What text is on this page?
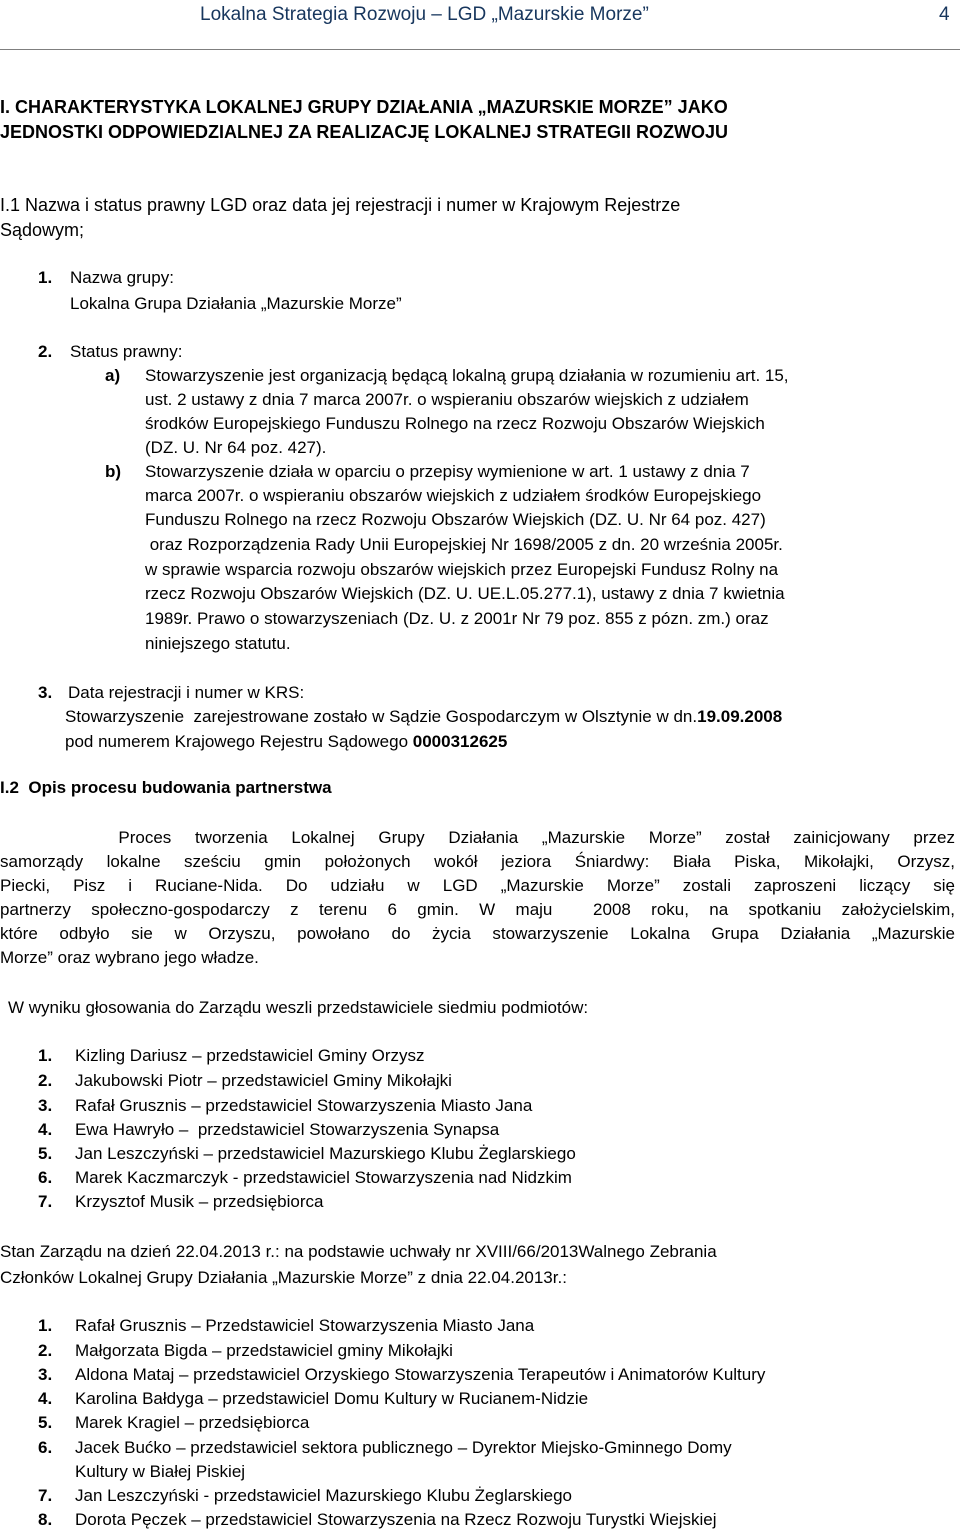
Lokalna Strategia Rozwoju – LGD „Mazurskie Morze”	4
I. CHARAKTERYSTYKA LOKALNEJ GRUPY DZIAŁANIA „MAZURSKIE MORZE” JAKO
JEDNOSTKI ODPOWIEDZIALNEJ ZA REALIZACJĘ LOKALNEJ STRATEGII ROZWOJU
I.1 Nazwa i status prawny LGD oraz data jej rejestracji i numer w Krajowym Rejestrze
Sądowym;
1. Nazwa grupy:
Lokalna Grupa Działania „Mazurskie Morze”
2. Status prawny:
a) Stowarzyszenie jest organizacją będącą lokalną grupą działania w rozumieniu art. 15,
ust. 2 ustawy z dnia 7 marca 2007r. o wspieraniu obszarów wiejskich z udziałem
środków Europejskiego Funduszu Rolnego na rzecz Rozwoju Obszarów Wiejskich
(DZ. U. Nr 64 poz. 427).
b) Stowarzyszenie działa w oparciu o przepisy wymienione w art. 1 ustawy z dnia 7
marca 2007r. o wspieraniu obszarów wiejskich z udziałem środków Europejskiego
Funduszu Rolnego na rzecz Rozwoju Obszarów Wiejskich (DZ. U. Nr 64 poz. 427)
oraz Rozporządzenia Rady Unii Europejskiej Nr 1698/2005 z dn. 20 września 2005r.
w sprawie wsparcia rozwoju obszarów wiejskich przez Europejski Fundusz Rolny na
rzecz Rozwoju Obszarów Wiejskich (DZ. U. UE.L.05.277.1), ustawy z dnia 7 kwietnia
1989r. Prawo o stowarzyszeniach (Dz. U. z 2001r Nr 79 poz. 855 z pózn. zm.) oraz
niniejszego statutu.
3. Data rejestracji i numer w KRS:
Stowarzyszenie  zarejestrowane zostało w Sądzie Gospodarczym w Olsztynie w dn.19.09.2008
pod numerem Krajowego Rejestru Sądowego 0000312625
I.2  Opis procesu budowania partnerstwa
Proces tworzenia Lokalnej Grupy Działania „Mazurskie Morze” został zainicjowany przez
samorządy lokalne sześciu gmin położonych wokół jeziora Śniardwy: Biała Piska, Mikołajki, Orzysz,
Piecki, Pisz i Ruciane-Nida. Do udziału w LGD „Mazurskie Morze” zostali zaproszeni liczący się
partnerzy społeczno-gospodarczy z terenu 6 gmin. W maju  2008 roku, na spotkaniu założycielskim,
które odbyło sie w Orzyszu, powołano do życia stowarzyszenie Lokalna Grupa Działania „Mazurskie
Morze” oraz wybrano jego władze.
W wyniku głosowania do Zarządu weszli przedstawiciele siedmiu podmiotów:
1. Kizling Dariusz – przedstawiciel Gminy Orzysz
2. Jakubowski Piotr – przedstawiciel Gminy Mikołajki
3. Rafał Grusznis – przedstawiciel Stowarzyszenia Miasto Jana
4. Ewa Hawryło –  przedstawiciel Stowarzyszenia Synapsa
5. Jan Leszczyński – przedstawiciel Mazurskiego Klubu Żeglarskiego
6. Marek Kaczmarczyk - przedstawiciel Stowarzyszenia nad Nidzkim
7. Krzysztof Musik – przedsiębiorca
Stan Zarządu na dzień 22.04.2013 r.: na podstawie uchwały nr XVIII/66/2013Walnego Zebrania
Członków Lokalnej Grupy Działania „Mazurskie Morze” z dnia 22.04.2013r.:
1. Rafał Grusznis – Przedstawiciel Stowarzyszenia Miasto Jana
2. Małgorzata Bigda – przedstawiciel gminy Mikołajki
3. Aldona Mataj – przedstawiciel Orzyskiego Stowarzyszenia Terapeutów i Animatorów Kultury
4. Karolina Bałdyga – przedstawiciel Domu Kultury w Rucianem-Nidzie
5. Marek Kragiel – przedsiębiorca
6. Jacek Bućko – przedstawiciel sektora publicznego – Dyrektor Miejsko-Gminnego Domy
Kultury w Białej Piskiej
7. Jan Leszczyński - przedstawiciel Mazurskiego Klubu Żeglarskiego
8. Dorota Pęczek – przedstawiciel Stowarzyszenia na Rzecz Rozwoju Turystki Wiejskiej
